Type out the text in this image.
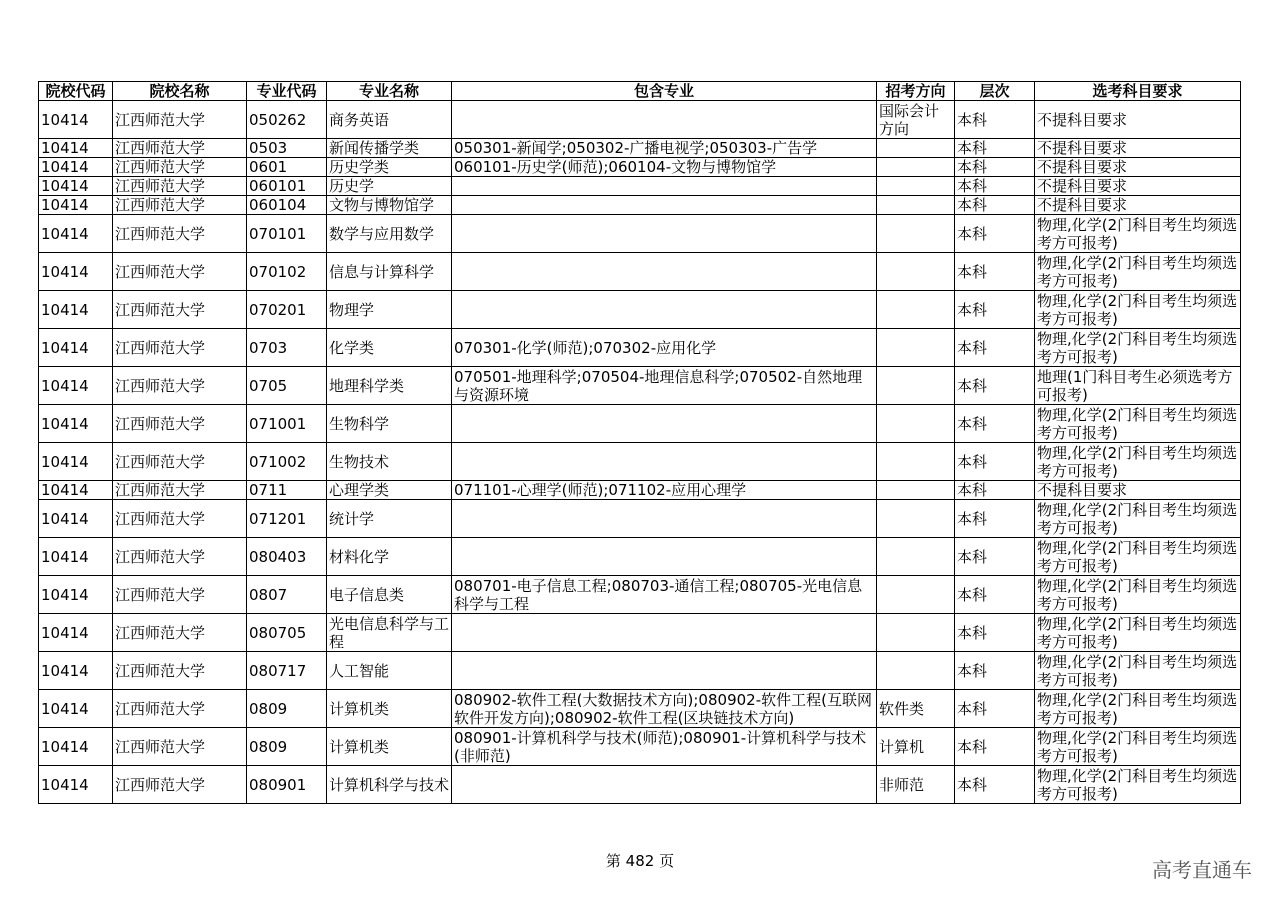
院校代码	院校名称	专业代码	专业名称	包含专业	招考方向	层次	选考科目要求
10414	江西师范大学	050262	商务英语		国际会计方向	本科	不提科目要求
10414	江西师范大学	0503	新闻传播学类	050301-新闻学;050302-广播电视学;050303-广告学		本科	不提科目要求
10414	江西师范大学	0601	历史学类	060101-历史学(师范);060104-文物与博物馆学		本科	不提科目要求
10414	江西师范大学	060101	历史学			本科	不提科目要求
10414	江西师范大学	060104	文物与博物馆学			本科	不提科目要求
10414	江西师范大学	070101	数学与应用数学			本科	物理,化学(2门科目考生均须选考方可报考)
10414	江西师范大学	070102	信息与计算科学			本科	物理,化学(2门科目考生均须选考方可报考)
10414	江西师范大学	070201	物理学			本科	物理,化学(2门科目考生均须选考方可报考)
10414	江西师范大学	0703	化学类	070301-化学(师范);070302-应用化学		本科	物理,化学(2门科目考生均须选考方可报考)
10414	江西师范大学	0705	地理科学类	070501-地理科学;070504-地理信息科学;070502-自然地理与资源环境		本科	地理(1门科目考生必须选考方可报考)
10414	江西师范大学	071001	生物科学			本科	物理,化学(2门科目考生均须选考方可报考)
10414	江西师范大学	071002	生物技术			本科	物理,化学(2门科目考生均须选考方可报考)
10414	江西师范大学	0711	心理学类	071101-心理学(师范);071102-应用心理学		本科	不提科目要求
10414	江西师范大学	071201	统计学			本科	物理,化学(2门科目考生均须选考方可报考)
10414	江西师范大学	080403	材料化学			本科	物理,化学(2门科目考生均须选考方可报考)
10414	江西师范大学	0807	电子信息类	080701-电子信息工程;080703-通信工程;080705-光电信息科学与工程		本科	物理,化学(2门科目考生均须选考方可报考)
10414	江西师范大学	080705	光电信息科学与工程			本科	物理,化学(2门科目考生均须选考方可报考)
10414	江西师范大学	080717	人工智能			本科	物理,化学(2门科目考生均须选考方可报考)
10414	江西师范大学	0809	计算机类	080902-软件工程(大数据技术方向);080902-软件工程(互联网软件开发方向);080902-软件工程(区块链技术方向)	软件类	本科	物理,化学(2门科目考生均须选考方可报考)
10414	江西师范大学	0809	计算机类	080901-计算机科学与技术(师范);080901-计算机科学与技术(非师范)	计算机	本科	物理,化学(2门科目考生均须选考方可报考)
10414	江西师范大学	080901	计算机科学与技术		非师范	本科	物理,化学(2门科目考生均须选考方可报考)
第 482 页	高考直通车
